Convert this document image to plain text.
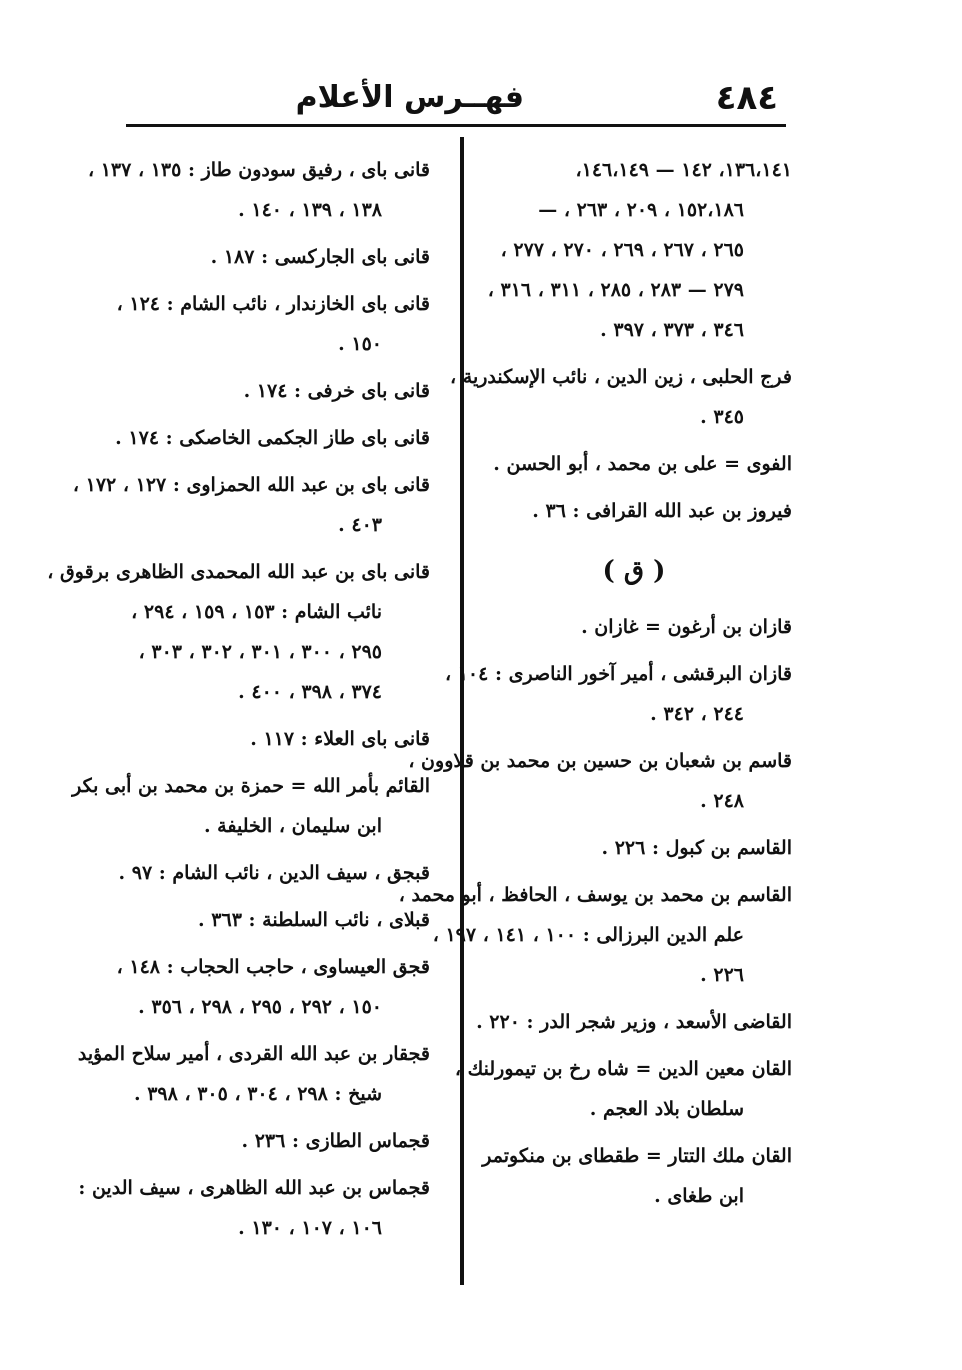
٤٨٤
فهــرس الأعلام
١٣٦،١٤١، ١٤٢ — ١٤٦،١٤٩،
١٥٢،١٨٦ ، ٢٠٩ ، ٢٦٣ ، —
٢٦٥ ، ٢٦٧ ، ٢٦٩ ، ٢٧٠ ، ٢٧٧ ،
٢٧٩ — ٢٨٣ ، ٢٨٥ ، ٣١١ ، ٣١٦ ،
٣٤٦ ، ٣٧٣ ، ٣٩٧ .
فرج الحلبى ، زين الدين ، نائب الإسكندرية ،
٣٤٥ .
الفوى = على بن محمد ، أبو الحسن .
فيروز بن عبد الله القرافى : ٣٦ .
( ق )
قازان بن أرغون = غازان .
قازان البرقشى ، أمير آخور الناصرى : ١٠٤ ،
٢٤٤ ، ٣٤٢ .
قاسم بن شعبان بن حسين بن محمد بن قلاوون ،
٢٤٨ .
القاسم بن كبول : ٢٢٦ .
القاسم بن محمد بن يوسف ، الحافظ ، أبو محمد ،
علم الدين البرزالى : ١٠٠ ، ١٤١ ، ١٩٧ ،
٢٢٦ .
القاضى الأسعد ، وزير شجر الدر : ٢٢٠ .
القان معين الدين = شاه رخ بن تيمورلنك ،
سلطان بلاد العجم .
القان ملك التتار = طقطاى بن منكوتمر
ابن طغاى .
قانى باى ، رفيق سودون طاز : ١٣٥ ، ١٣٧ ،
١٣٨ ، ١٣٩ ، ١٤٠ .
قانى باى الجاركسى : ١٨٧ .
قانى باى الخازندار ، نائب الشام : ١٢٤ ،
١٥٠ .
قانى باى خرفى : ١٧٤ .
قانى باى طاز الجكمى الخاصكى : ١٧٤ .
قانى باى بن عبد الله الحمزاوى : ١٢٧ ، ١٧٢ ،
٤٠٣ .
قانى باى بن عبد الله المحمدى الظاهرى برقوق ،
نائب الشام : ١٥٣ ، ١٥٩ ، ٢٩٤ ،
٢٩٥ ، ٣٠٠ ، ٣٠١ ، ٣٠٢ ، ٣٠٣ ،
٣٧٤ ، ٣٩٨ ، ٤٠٠ .
قانى باى العلاء : ١١٧ .
القائم بأمر الله = حمزة بن محمد بن أبى بكر
ابن سليمان ، الخليفة .
قبجق ، سيف الدين ، نائب الشام : ٩٧ .
قبلاى ، نائب السلطنة : ٣٦٣ .
قجق العيساوى ، حاجب الحجاب : ١٤٨ ،
١٥٠ ، ٢٩٢ ، ٢٩٥ ، ٢٩٨ ، ٣٥٦ .
قجقار بن عبد الله القردى ، أمير سلاح المؤيد
شيخ : ٢٩٨ ، ٣٠٤ ، ٣٠٥ ، ٣٩٨ .
قجماس الطازى : ٢٣٦ .
قجماس بن عبد الله الظاهرى ، سيف الدين :
١٠٦ ، ١٠٧ ، ١٣٠ .
